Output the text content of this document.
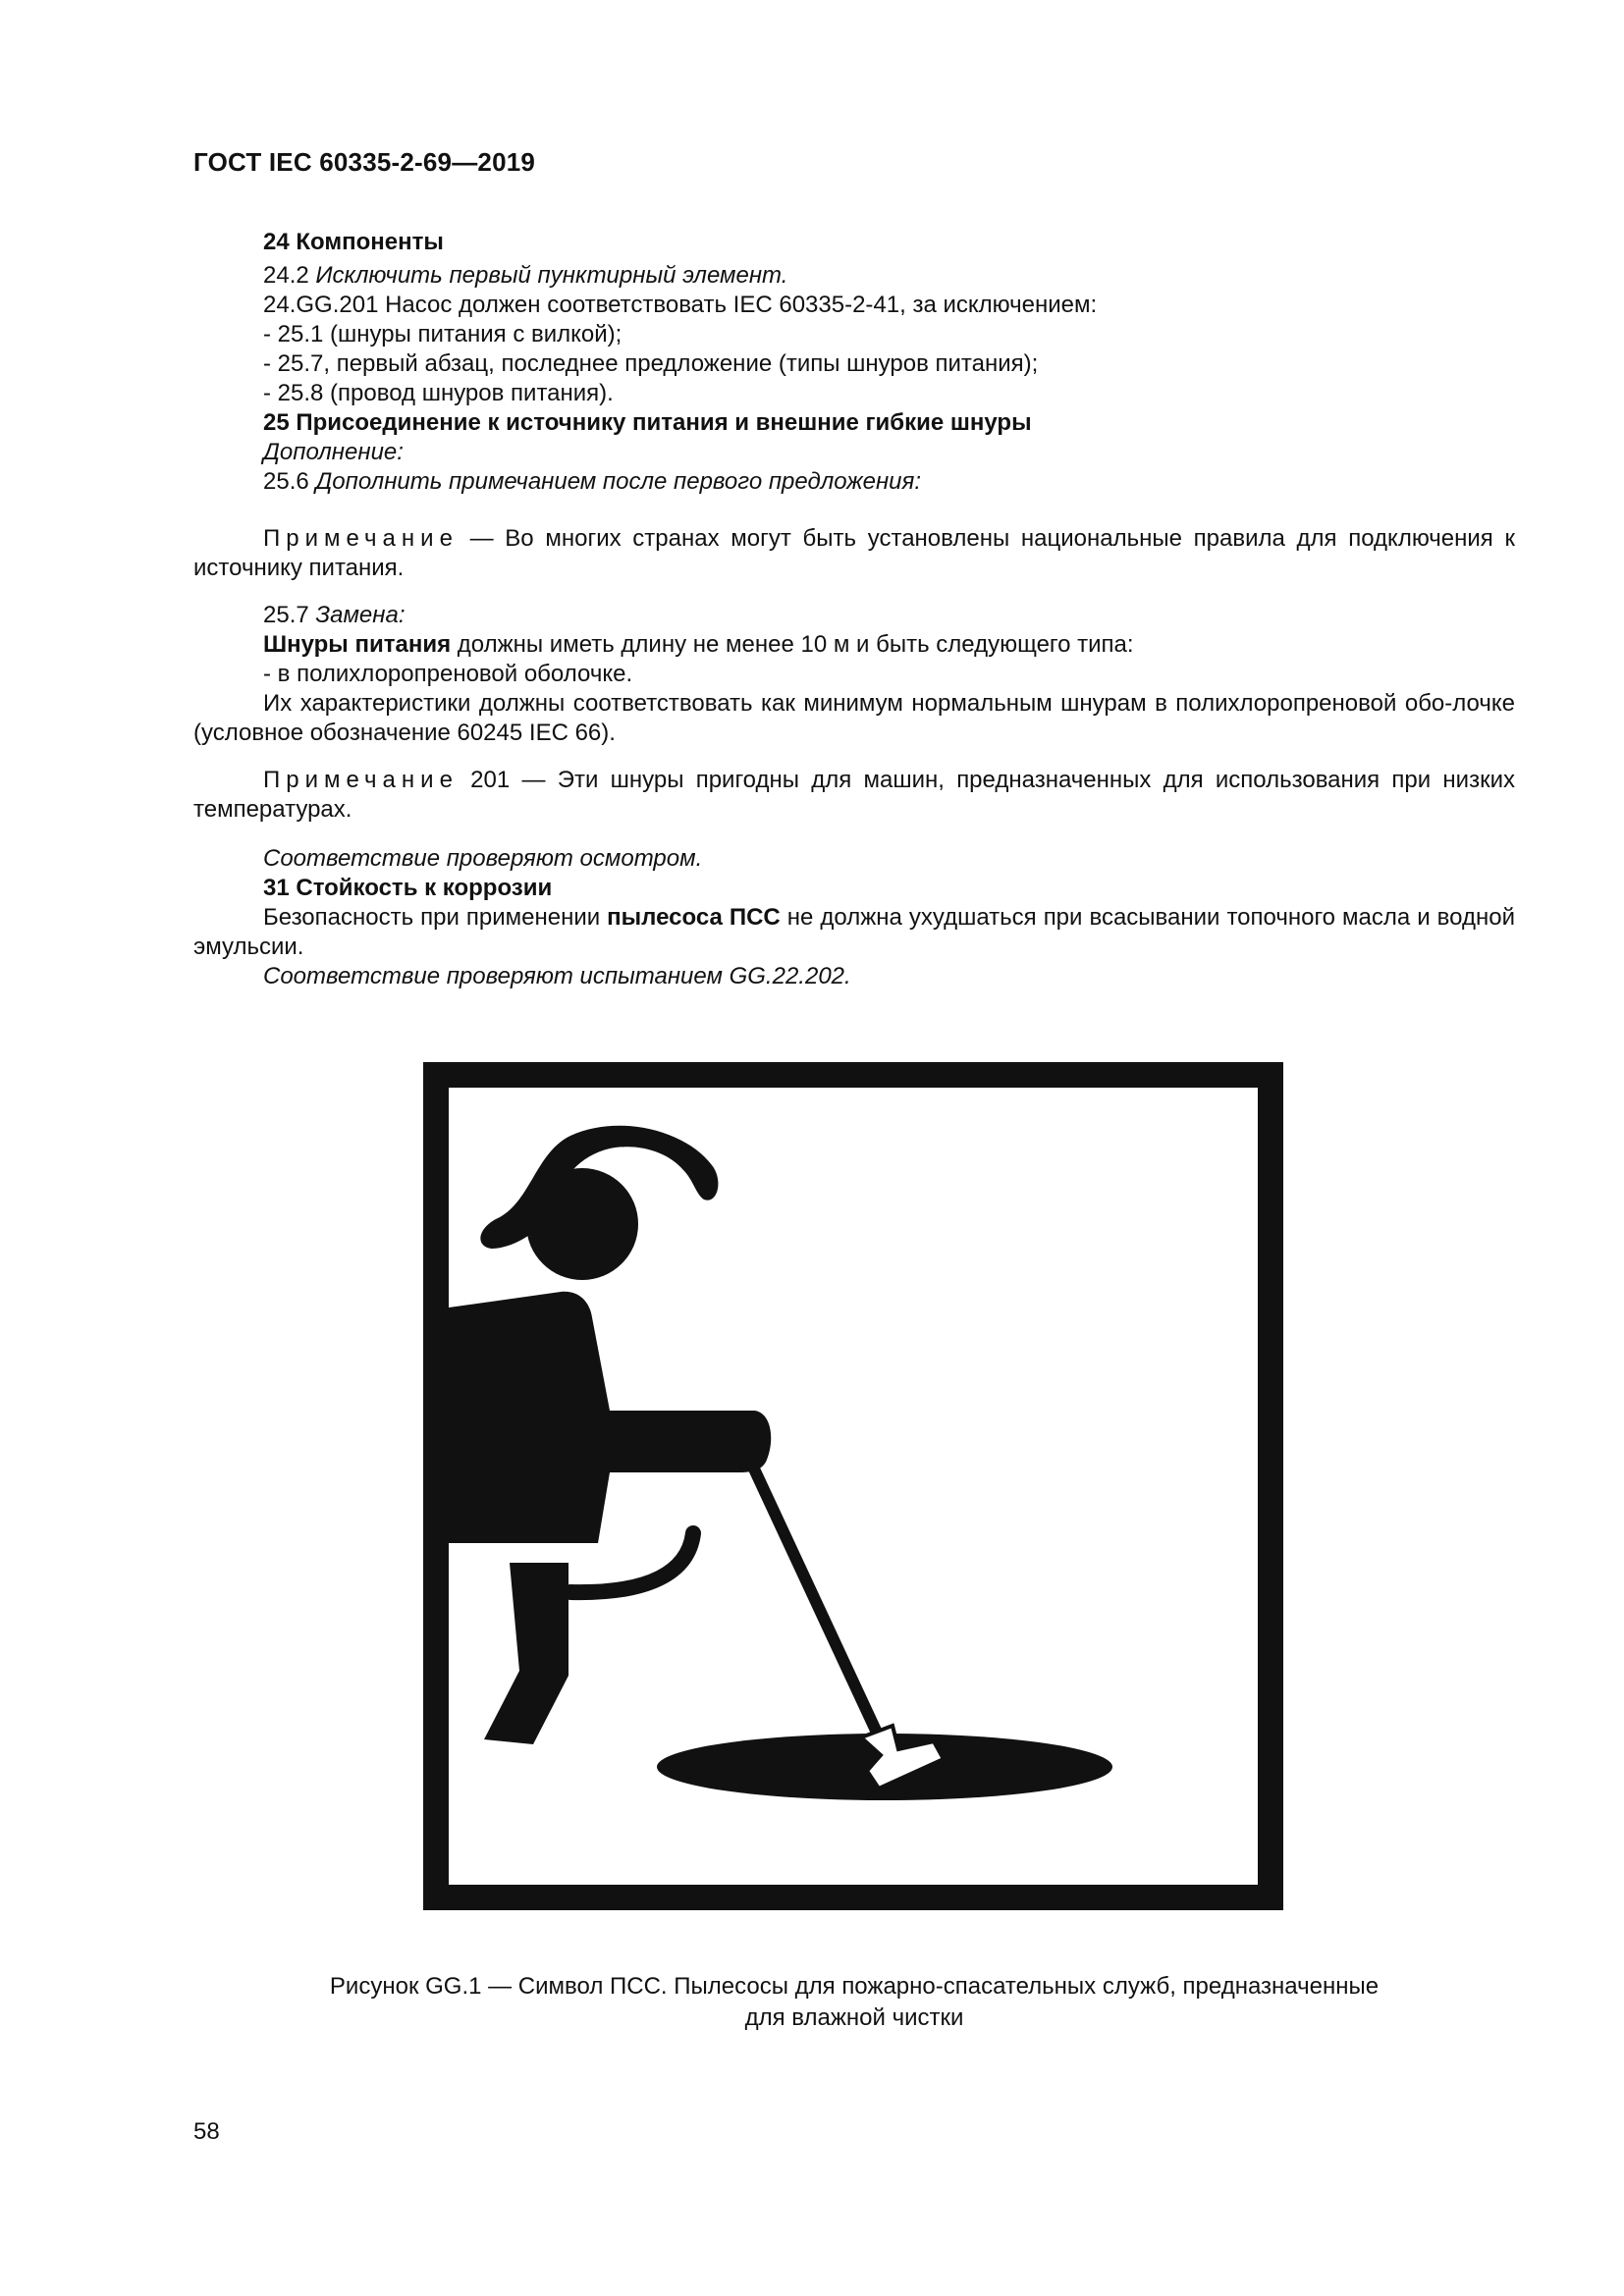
ГОСТ IEC 60335-2-69—2019
24 Компоненты
24.2 Исключить первый пунктирный элемент.
24.GG.201 Насос должен соответствовать IEC 60335-2-41, за исключением:
- 25.1 (шнуры питания с вилкой);
- 25.7, первый абзац, последнее предложение (типы шнуров питания);
- 25.8 (провод шнуров питания).
25 Присоединение к источнику питания и внешние гибкие шнуры
Дополнение:
25.6 Дополнить примечанием после первого предложения:
Примечание — Во многих странах могут быть установлены национальные правила для подключения к источнику питания.
25.7 Замена:
Шнуры питания должны иметь длину не менее 10 м и быть следующего типа:
- в полихлоропреновой оболочке.
Их характеристики должны соответствовать как минимум нормальным шнурам в полихлоропреновой обо-лочке (условное обозначение 60245 IEC 66).
Примечание 201 — Эти шнуры пригодны для машин, предназначенных для использования при низких температурах.
Соответствие проверяют осмотром.
31 Стойкость к коррозии
Безопасность при применении пылесоса ПСС не должна ухудшаться при всасывании топочного масла и водной эмульсии.
Соответствие проверяют испытанием GG.22.202.
Рисунок GG.1 — Символ ПСС. Пылесосы для пожарно-спасательных служб, предназначенные
для влажной чистки
58
